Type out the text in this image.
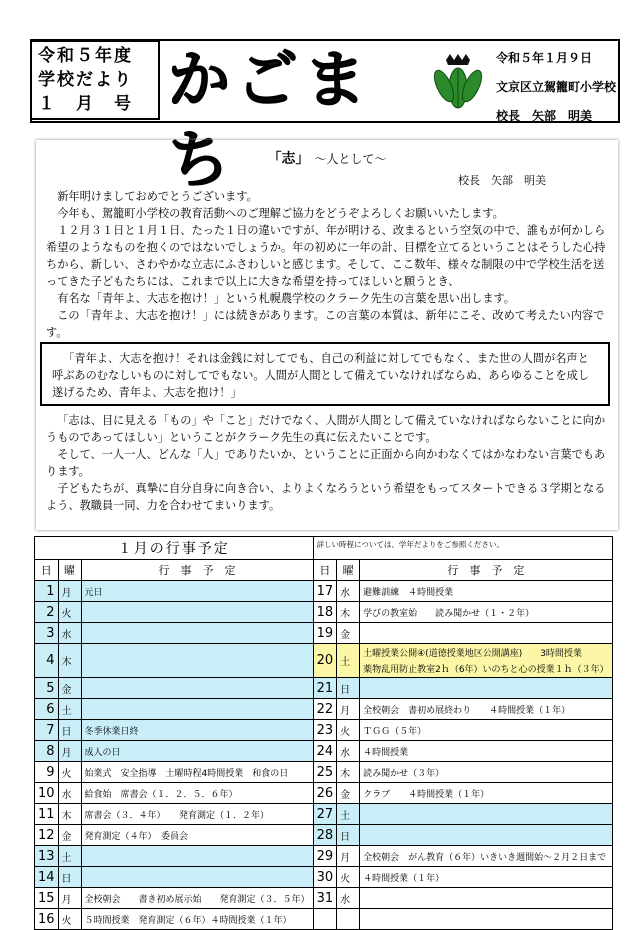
令和５年度
学校だより
１　月　号 かごまち
令和５年１月９日
文京区立駕籠町小学校
校長　矢部　明美
「志」 ～人として～
校長　矢部　明美

新年明けましておめでとうございます。

今年も、駕籠町小学校の教育活動へのご理解ご協力をどうぞよろしくお願いいたします。

１２月３１日と１月１日、たった１日の違いですが、年が明ける、改まるという空気の中で、誰もが何かしら希望のようなものを抱くのではないでしょうか。年の初めに一年の計、目標を立てるということはそうした心持ちから、新しい、さわやかな立志にふさわしいと感じます。そして、ここ数年、様々な制限の中で学校生活を送ってきた子どもたちには、これまで以上に大きな希望を持ってほしいと願うとき、

有名な「青年よ、大志を抱け！」という札幌農学校のクラーク先生の言葉を思い出します。

この「青年よ、大志を抱け！」には続きがあります。この言葉の本質は、新年にこそ、改めて考えたい内容です。

「青年よ、大志を抱け！それは金銭に対してでも、自己の利益に対してでもなく、また世の人間が名声と呼ぶあのむなしいものに対してでもない。人間が人間として備えていなければならぬ、あらゆることを成し遂げるため、青年よ、大志を抱け！」

「志は、目に見える「もの」や「こと」だけでなく、人間が人間として備えていなければならないことに向かうものであってほしい」ということがクラーク先生の真に伝えたいことです。

そして、一人一人、どんな「人」でありたいか、ということに正面から向かわなくてはかなわない言葉でもあります。

子どもたちが、真摯に自分自身に向き合い、よりよくなろうという希望をもってスタートできる３学期となるよう、教職員一同、力を合わせてまいります。

１月の行事予定			詳しい時程については、学年だよりをご参照ください。		
日	曜	行　事　予　定	日	曜	行　事　予　定
1	月	元日	17	水	避難訓練　４時間授業

2	火		18	木	学びの教室始　　読み聞かせ（１・２年）

3	水		19	金	

4	木		20	土	土曜授業公開④(道徳授業地区公開講座)　　3時間授業
薬物乱用防止教室2ｈ（6年）いのちと心の授業１ｈ（３年）

5	金		21	日	

6	土		22	月	全校朝会　書初め展終わり　　４時間授業（１年）

7	日	冬季休業日終	23	火	ＴＧＧ（５年）

8	月	成人の日	24	水	４時間授業

9	火	始業式　安全指導　土曜時程4時間授業　和食の日	25	木	読み聞かせ（３年）

10	水	給食始　席書会（１．２．５．６年）	26	金	クラブ　　４時間授業（１年）

11	木	席書会（３．４年）　　発育測定（１．２年）	27	土	

12	金	発育測定（４年）　委員会	28	日	

13	土		29	月	全校朝会　がん教育（６年）いきいき週間始～２月２日まで

14	日		30	火	４時間授業（１年）

15	月	全校朝会　　書き初め展示始　　発育測定（３．５年）	31	水	

16	火	５時間授業　発育測定（６年）４時間授業（１年）			
